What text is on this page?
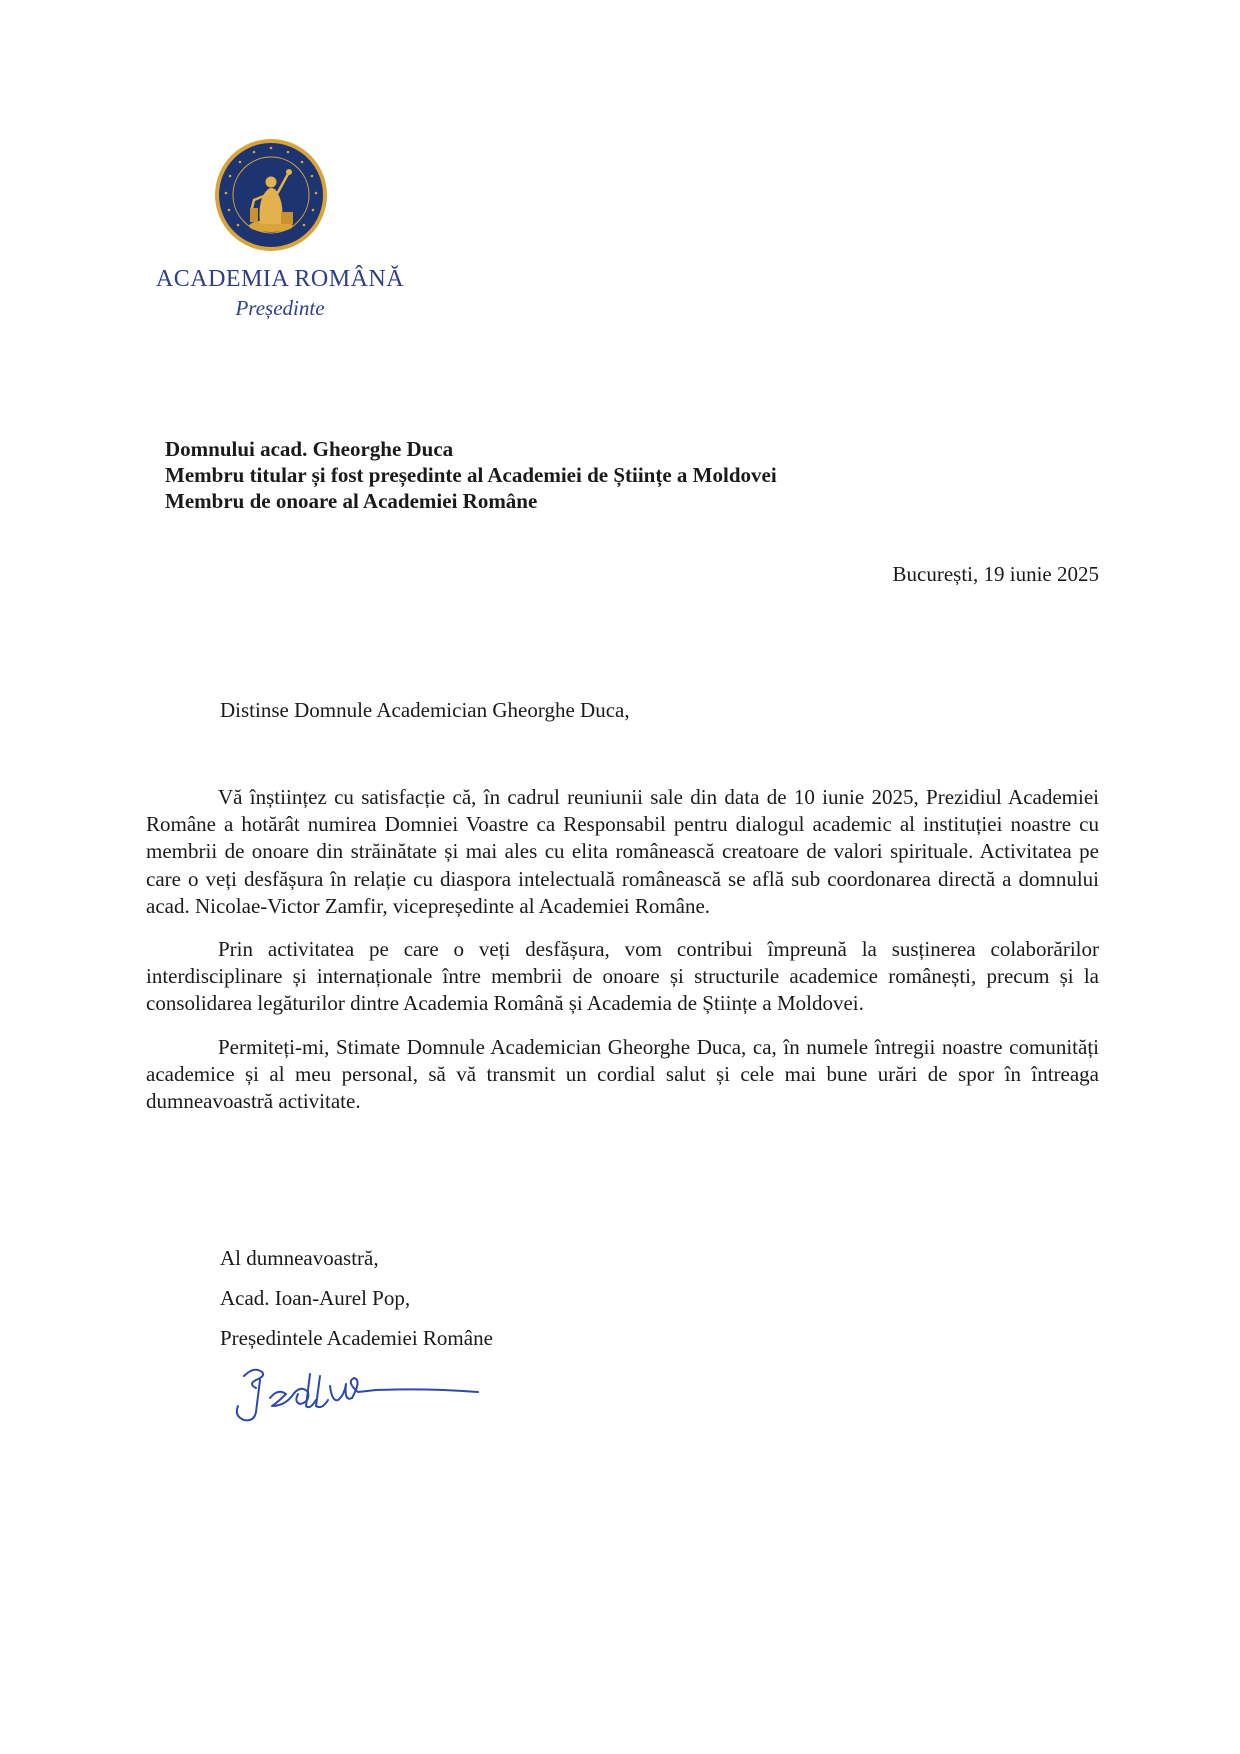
ACADEMIA ROMÂNĂ
Președinte
Domnului acad. Gheorghe Duca
Membru titular și fost președinte al Academiei de Științe a Moldovei
Membru de onoare al Academiei Române
București, 19 iunie 2025
Distinse Domnule Academician Gheorghe Duca,

Vă înștiințez cu satisfacție că, în cadrul reuniunii sale din data de 10 iunie 2025, Prezidiul Academiei Române a hotărât numirea Domniei Voastre ca Responsabil pentru dialogul academic al instituției noastre cu membrii de onoare din străinătate și mai ales cu elita românească creatoare de valori spirituale. Activitatea pe care o veți desfășura în relație cu diaspora intelectuală românească se află sub coordonarea directă a domnului acad. Nicolae-Victor Zamfir, vicepreședinte al Academiei Române.

Prin activitatea pe care o veți desfășura, vom contribui împreună la susținerea colaborărilor interdisciplinare și internaționale între membrii de onoare și structurile academice românești, precum și la consolidarea legăturilor dintre Academia Română și Academia de Științe a Moldovei.

Permiteți-mi, Stimate Domnule Academician Gheorghe Duca, ca, în numele întregii noastre comunități academice și al meu personal, să vă transmit un cordial salut și cele mai bune urări de spor în întreaga dumneavoastră activitate.

Al dumneavoastră,
Acad. Ioan-Aurel Pop,
Președintele Academiei Române
